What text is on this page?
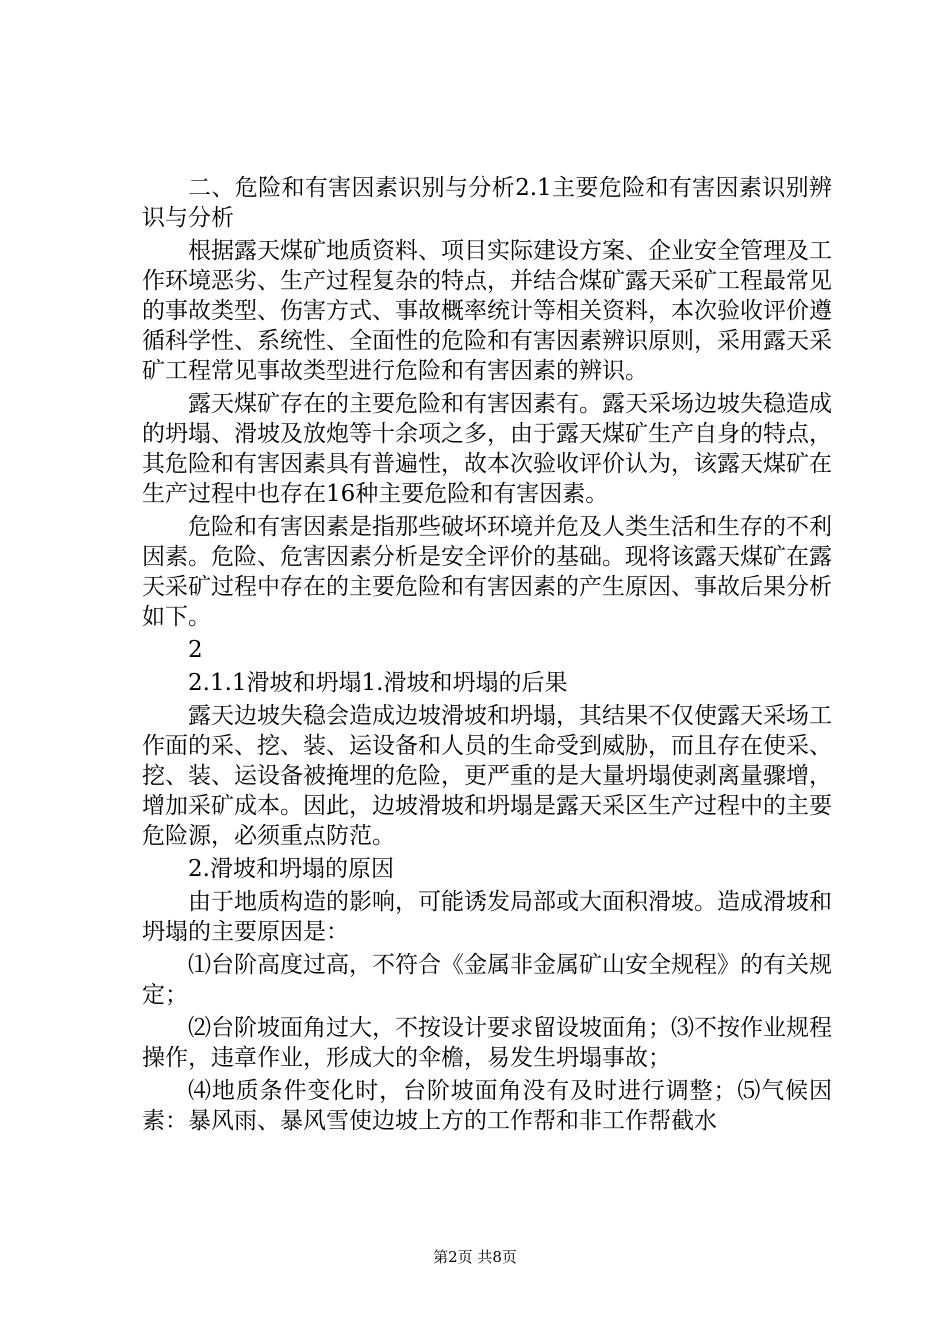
二、危险和有害因素识别与分析2.1主要危险和有害因素识别辨识与分析

根据露天煤矿地质资料、项目实际建设方案、企业安全管理及工作环境恶劣、生产过程复杂的特点，并结合煤矿露天采矿工程最常见的事故类型、伤害方式、事故概率统计等相关资料，本次验收评价遵循科学性、系统性、全面性的危险和有害因素辨识原则，采用露天采矿工程常见事故类型进行危险和有害因素的辨识。

露天煤矿存在的主要危险和有害因素有。露天采场边坡失稳造成的坍塌、滑坡及放炮等十余项之多，由于露天煤矿生产自身的特点，其危险和有害因素具有普遍性，故本次验收评价认为，该露天煤矿在生产过程中也存在16种主要危险和有害因素。

危险和有害因素是指那些破坏环境并危及人类生活和生存的不利因素。危险、危害因素分析是安全评价的基础。现将该露天煤矿在露天采矿过程中存在的主要危险和有害因素的产生原因、事故后果分析如下。

2

2.1.1滑坡和坍塌1.滑坡和坍塌的后果

露天边坡失稳会造成边坡滑坡和坍塌，其结果不仅使露天采场工作面的采、挖、装、运设备和人员的生命受到威胁，而且存在使采、挖、装、运设备被掩埋的危险，更严重的是大量坍塌使剥离量骤增，增加采矿成本。因此，边坡滑坡和坍塌是露天采区生产过程中的主要危险源，必须重点防范。

2.滑坡和坍塌的原因

由于地质构造的影响，可能诱发局部或大面积滑坡。造成滑坡和坍塌的主要原因是：

⑴台阶高度过高，不符合《金属非金属矿山安全规程》的有关规定；

⑵台阶坡面角过大，不按设计要求留设坡面角；⑶不按作业规程操作，违章作业，形成大的伞檐，易发生坍塌事故；

⑷地质条件变化时，台阶坡面角没有及时进行调整；⑸气候因素：暴风雨、暴风雪使边坡上方的工作帮和非工作帮截水

第2页 共8页
